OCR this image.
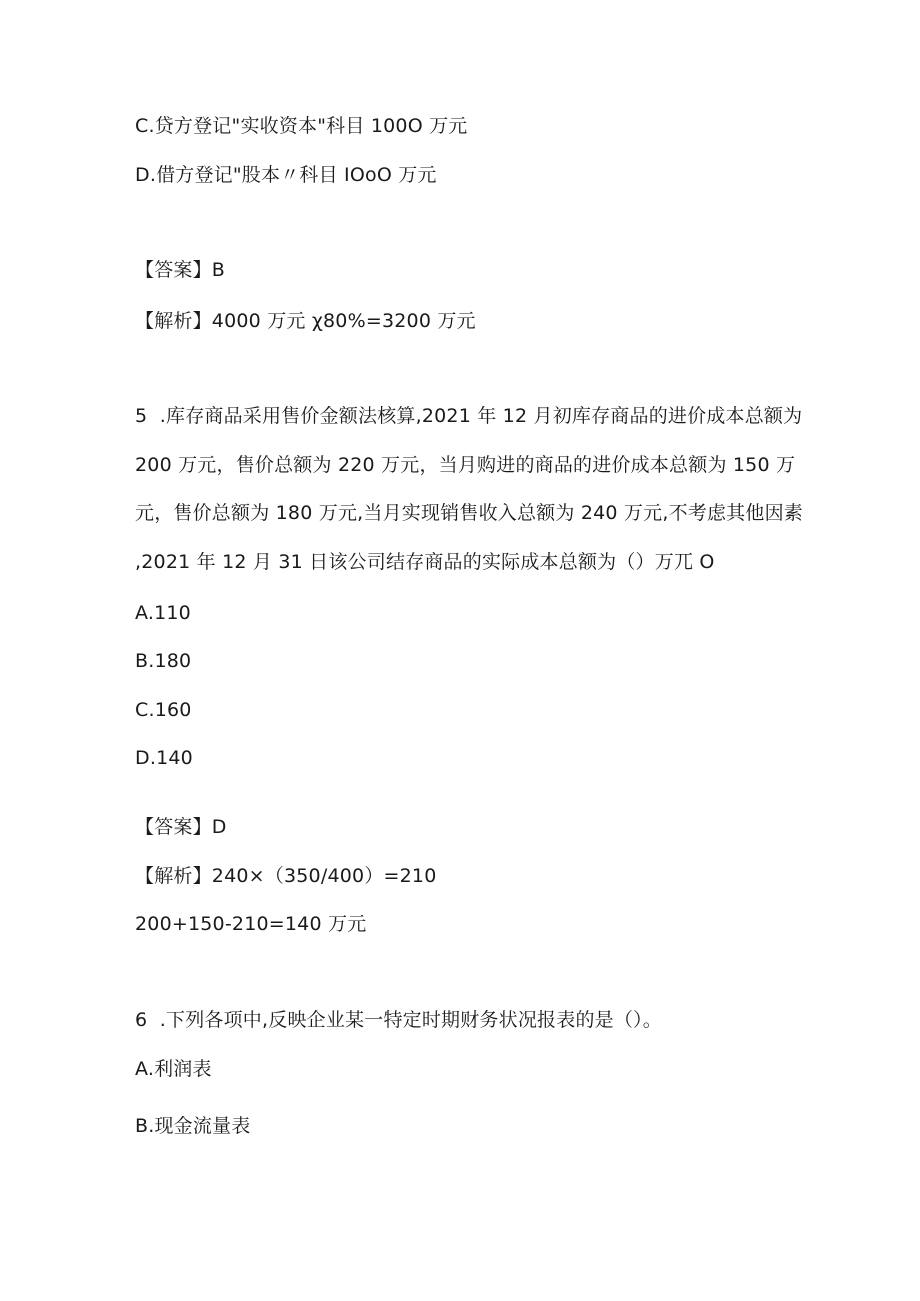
C.贷方登记"实收资本"科目 100O 万元
D.借方登记"股本〃科目 IOoO 万元
【答案】B
【解析】4000 万元 χ80%=3200 万元
5  .库存商品采用售价金额法核算,2021 年 12 月初库存商品的进价成本总额为
200 万元，售价总额为 220 万元，当月购进的商品的进价成本总额为 150 万
元，售价总额为 180 万元,当月实现销售收入总额为 240 万元,不考虑其他因素
,2021 年 12 月 31 日该公司结存商品的实际成本总额为（）万兀 O
A.110
B.180
C.160
D.140
【答案】D
【解析】240×（350/400）=210
200+150-210=140 万元
6  .下列各项中,反映企业某一特定时期财务状况报表的是（）。
A.利润表
B.现金流量表
